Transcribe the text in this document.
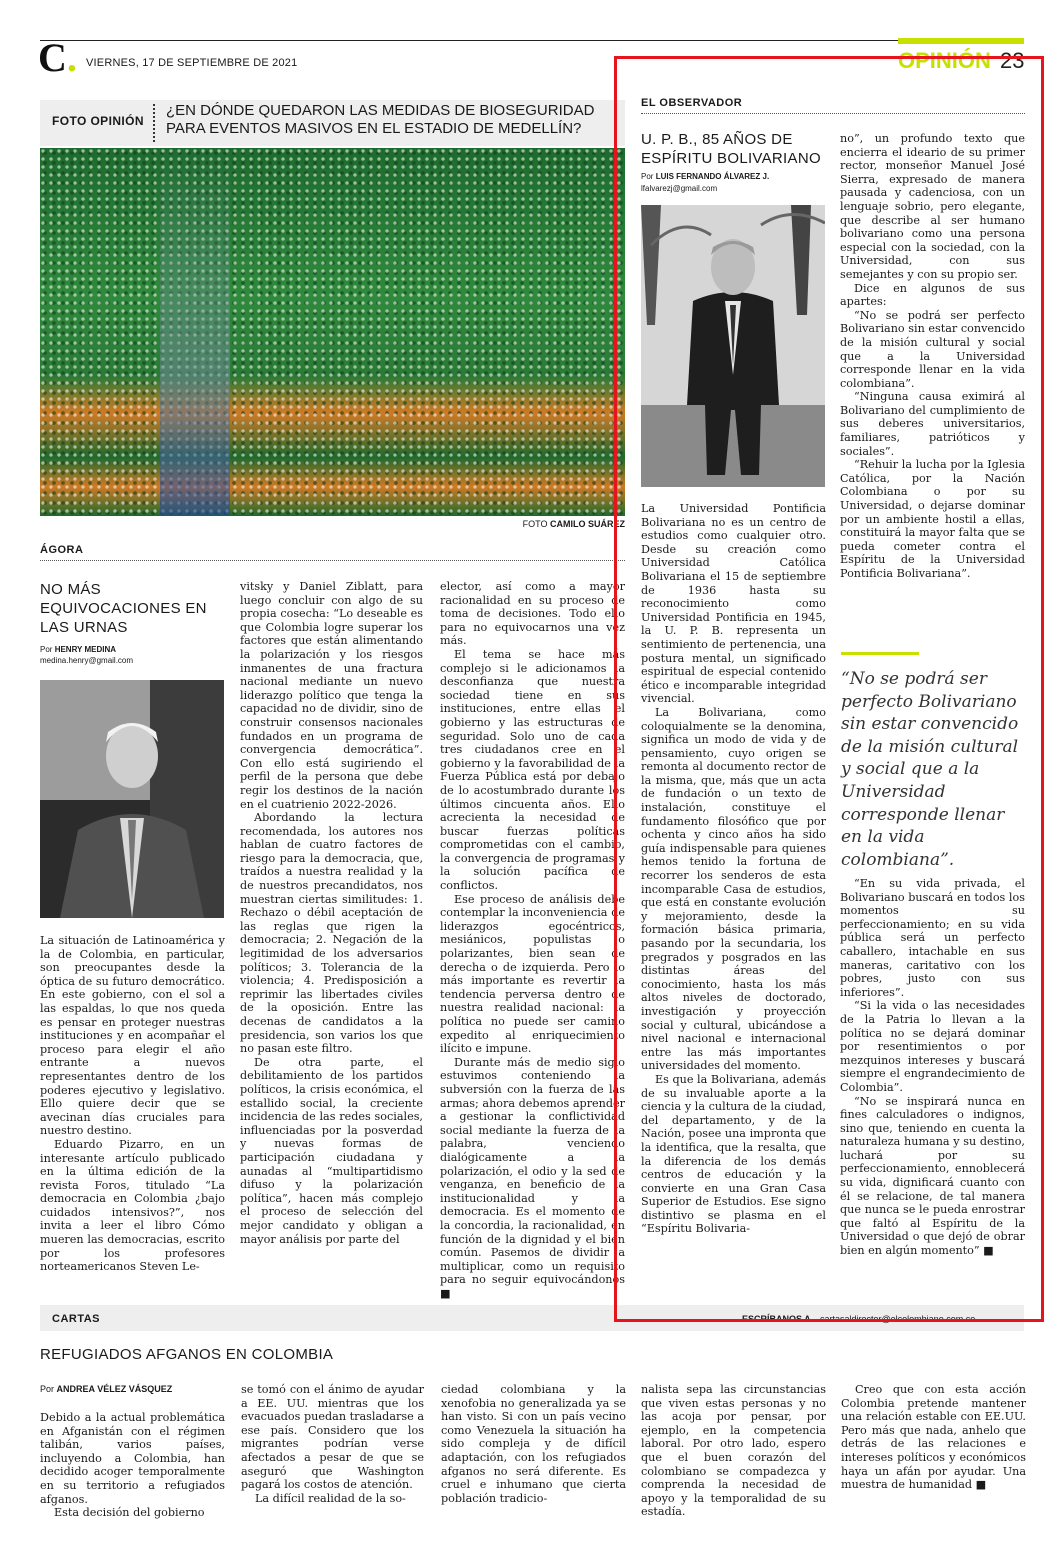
C. VIERNES, 17 DE SEPTIEMBRE DE 2021	OPINIÓN 23
FOTO OPINIÓN
¿EN DÓNDE QUEDARON LAS MEDIDAS DE BIOSEGURIDAD PARA EVENTOS MASIVOS EN EL ESTADIO DE MEDELLÍN?
FOTO CAMILO SUÁREZ
ÁGORA
NO MÁS EQUIVOCACIONES EN LAS URNAS
Por HENRY MEDINA
medina.henry@gmail.com

La situación de Latinoamérica y la de Colombia, en particular, son preocupantes desde la óptica de su futuro democrático. En este gobierno, con el sol a las espaldas, lo que nos queda es pensar en proteger nuestras instituciones y en acompañar el proceso para elegir el año entrante a nuevos representantes dentro de los poderes ejecutivo y legislativo. Ello quiere decir que se avecinan días cruciales para nuestro destino.

Eduardo Pizarro, en un interesante artículo publicado en la última edición de la revista Foros, titulado “La democracia en Colombia ¿bajo cuidados intensivos?”, nos invita a leer el libro Cómo mueren las democracias, escrito por los profesores norteamericanos Steven Le-

vitsky y Daniel Ziblatt, para luego concluir con algo de su propia cosecha: “Lo deseable es que Colombia logre superar los factores que están alimentando la polarización y los riesgos inmanentes de una fractura nacional mediante un nuevo liderazgo político que tenga la capacidad no de dividir, sino de construir consensos nacionales fundados en un programa de convergencia democrática”. Con ello está sugiriendo el perfil de la persona que debe regir los destinos de la nación en el cuatrienio 2022-2026.

Abordando la lectura recomendada, los autores nos hablan de cuatro factores de riesgo para la democracia, que, traídos a nuestra realidad y la de nuestros precandidatos, nos muestran ciertas similitudes: 1. Rechazo o débil aceptación de las reglas que rigen la democracia; 2. Negación de la legitimidad de los adversarios políticos; 3. Tolerancia de la violencia; 4. Predisposición a reprimir las libertades civiles de la oposición. Entre las decenas de candidatos a la presidencia, son varios los que no pasan este filtro.

De otra parte, el debilitamiento de los partidos políticos, la crisis económica, el estallido social, la creciente incidencia de las redes sociales, influenciadas por la posverdad y nuevas formas de participación ciudadana y aunadas al “multipartidismo difuso y la polarización política”, hacen más complejo el proceso de selección del mejor candidato y obligan a mayor análisis por parte del

elector, así como a mayor racionalidad en su proceso de toma de decisiones. Todo ello para no equivocarnos una vez más.

El tema se hace más complejo si le adicionamos la desconfianza que nuestra sociedad tiene en sus instituciones, entre ellas el gobierno y las estructuras de seguridad. Solo uno de cada tres ciudadanos cree en el gobierno y la favorabilidad de la Fuerza Pública está por debajo de lo acostumbrado durante los últimos cincuenta años. Ello acrecienta la necesidad de buscar fuerzas políticas comprometidas con el cambio, la convergencia de programas y la solución pacífica de conflictos.

Ese proceso de análisis debe contemplar la inconveniencia de liderazgos egocéntricos, mesiánicos, populistas o polarizantes, bien sean de derecha o de izquierda. Pero lo más importante es revertir la tendencia perversa dentro de nuestra realidad nacional: la política no puede ser camino expedito al enriquecimiento ilícito e impune.

Durante más de medio siglo estuvimos conteniendo la subversión con la fuerza de las armas; ahora debemos aprender a gestionar la conflictividad social mediante la fuerza de la palabra, venciendo dialógicamente a la polarización, el odio y la sed de venganza, en beneficio de la institucionalidad y la democracia. Es el momento de la concordia, la racionalidad, en función de la dignidad y el bien común. Pasemos de dividir a multiplicar, como un requisito para no seguir equivocándonos ■

EL OBSERVADOR
U. P. B., 85 AÑOS DE ESPÍRITU BOLIVARIANO
Por LUIS FERNANDO ÁLVAREZ J.
lfalvarezj@gmail.com

La Universidad Pontificia Bolivariana no es un centro de estudios como cualquier otro. Desde su creación como Universidad Católica Bolivariana el 15 de septiembre de 1936 hasta su reconocimiento como Universidad Pontificia en 1945, la U. P. B. representa un sentimiento de pertenencia, una postura mental, un significado espiritual de especial contenido ético e incomparable integridad vivencial.

La Bolivariana, como coloquialmente se la denomina, significa un modo de vida y de pensamiento, cuyo origen se remonta al documento rector de la misma, que, más que un acta de fundación o un texto de instalación, constituye el fundamento filosófico que por ochenta y cinco años ha sido guía indispensable para quienes hemos tenido la fortuna de recorrer los senderos de esta incomparable Casa de estudios, que está en constante evolución y mejoramiento, desde la formación básica primaria, pasando por la secundaria, los pregrados y posgrados en las distintas áreas del conocimiento, hasta los más altos niveles de doctorado, investigación y proyección social y cultural, ubicándose a nivel nacional e internacional entre las más importantes universidades del momento.

Es que la Bolivariana, además de su invaluable aporte a la ciencia y la cultura de la ciudad, del departamento, y de la Nación, posee una impronta que la identifica, que la resalta, que la diferencia de los demás centros de educación y la convierte en una Gran Casa Superior de Estudios. Ese signo distintivo se plasma en el “Espíritu Bolivaria-

no”, un profundo texto que encierra el ideario de su primer rector, monseñor Manuel José Sierra, expresado de manera pausada y cadenciosa, con un lenguaje sobrio, pero elegante, que describe al ser humano bolivariano como una persona especial con la sociedad, con la Universidad, con sus semejantes y con su propio ser.

Dice en algunos de sus apartes:

“No se podrá ser perfecto Bolivariano sin estar convencido de la misión cultural y social que a la Universidad corresponde llenar en la vida colombiana”.

“Ninguna causa eximirá al Bolivariano del cumplimiento de sus deberes universitarios, familiares, patrióticos y sociales”.

“Rehuir la lucha por la Iglesia Católica, por la Nación Colombiana o por su Universidad, o dejarse dominar por un ambiente hostil a ellas, constituirá la mayor falta que se pueda cometer contra el Espíritu de la Universidad Pontificia Bolivariana”.

“No se podrá ser perfecto Bolivariano sin estar convencido de la misión cultural y social que a la Universidad corresponde llenar en la vida colombiana”.

“En su vida privada, el Bolivariano buscará en todos los momentos su perfeccionamiento; en su vida pública será un perfecto caballero, intachable en sus maneras, caritativo con los pobres, justo con sus inferiores”.

“Si la vida o las necesidades de la Patria lo llevan a la política no se dejará dominar por resentimientos o por mezquinos intereses y buscará siempre el engrandecimiento de Colombia”.

“No se inspirará nunca en fines calculadores o indignos, sino que, teniendo en cuenta la naturaleza humana y su destino, luchará por su perfeccionamiento, ennoblecerá su vida, dignificará cuanto con él se relacione, de tal manera que nunca se le pueda enrostrar que faltó al Espíritu de la Universidad o que dejó de obrar bien en algún momento” ■

CARTAS	ESCRÍBANOS A cartasaldirector@elcolombiano.com.co
REFUGIADOS AFGANOS EN COLOMBIA
Por ANDREA VÉLEZ VÁSQUEZ

Debido a la actual problemática en Afganistán con el régimen talibán, varios países, incluyendo a Colombia, han decidido acoger temporalmente en su territorio a refugiados afganos.

Esta decisión del gobierno

se tomó con el ánimo de ayudar a EE. UU. mientras que los evacuados puedan trasladarse a ese país. Considero que los migrantes podrían verse afectados a pesar de que se aseguró que Washington pagará los costos de atención.

La difícil realidad de la so-

ciedad colombiana y la xenofobia no generalizada ya se han visto. Si con un país vecino como Venezuela la situación ha sido compleja y de difícil adaptación, con los refugiados afganos no será diferente. Es cruel e inhumano que cierta población tradicio-

nalista sepa las circunstancias que viven estas personas y no las acoja por pensar, por ejemplo, en la competencia laboral. Por otro lado, espero que el buen corazón del colombiano se compadezca y comprenda la necesidad de apoyo y la temporalidad de su estadía.

Creo que con esta acción Colombia pretende mantener una relación estable con EE.UU. Pero más que nada, anhelo que detrás de las relaciones e intereses políticos y económicos haya un afán por ayudar. Una muestra de humanidad ■
